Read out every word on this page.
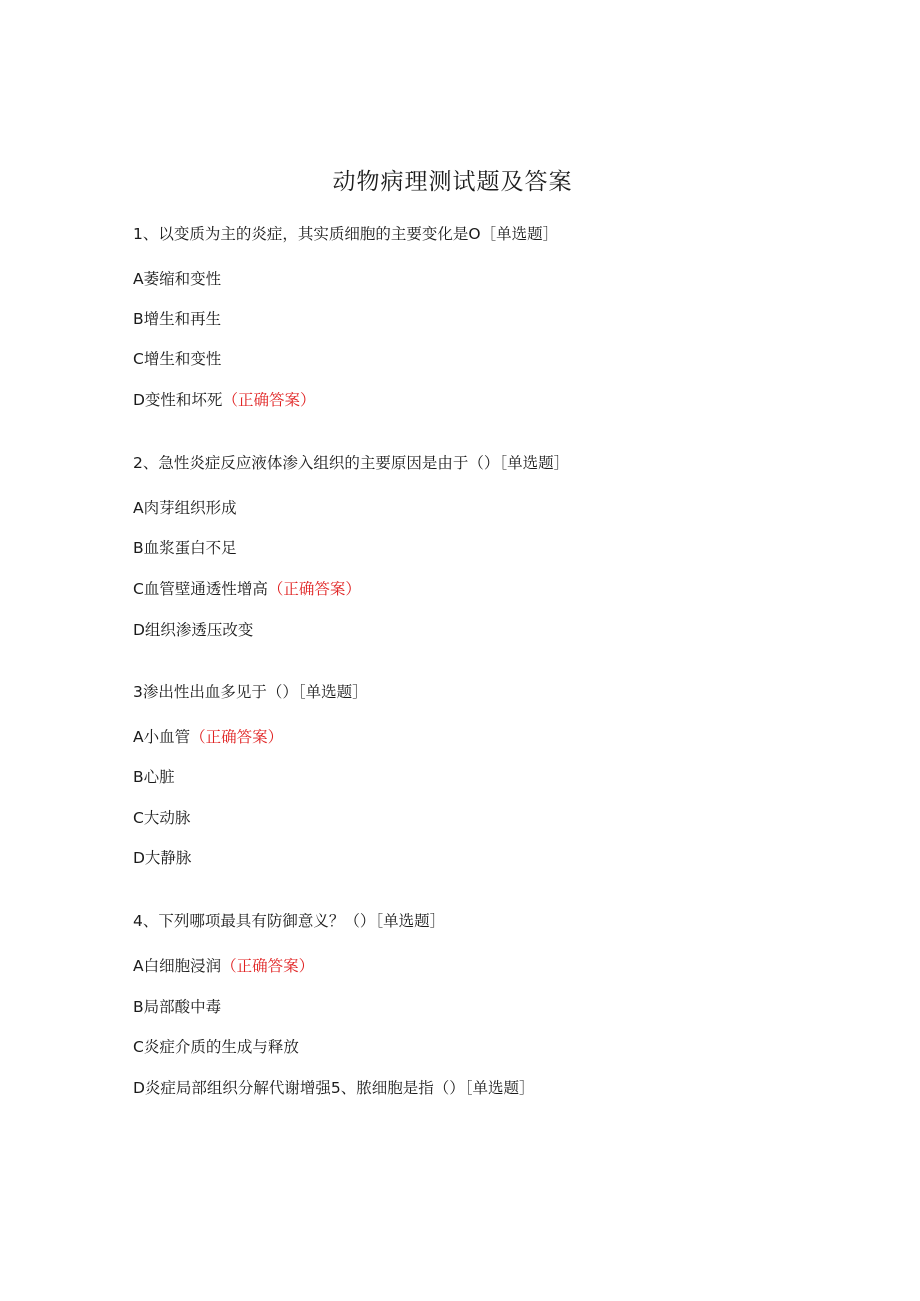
动物病理测试题及答案
1、以变质为主的炎症，其实质细胞的主要变化是O［单选题］
A萎缩和变性
B增生和再生
C增生和变性
D变性和坏死（正确答案）
2、急性炎症反应液体渗入组织的主要原因是由于（）［单选题］
A肉芽组织形成
B血浆蛋白不足
C血管壁通透性增高（正确答案）
D组织渗透压改变
3渗出性出血多见于（）［单选题］
A小血管（正确答案）
B心脏
C大动脉
D大静脉
4、下列哪项最具有防御意义？（）［单选题］
A白细胞浸润（正确答案）
B局部酸中毒
C炎症介质的生成与释放
D炎症局部组织分解代谢增强5、脓细胞是指（）［单选题］
